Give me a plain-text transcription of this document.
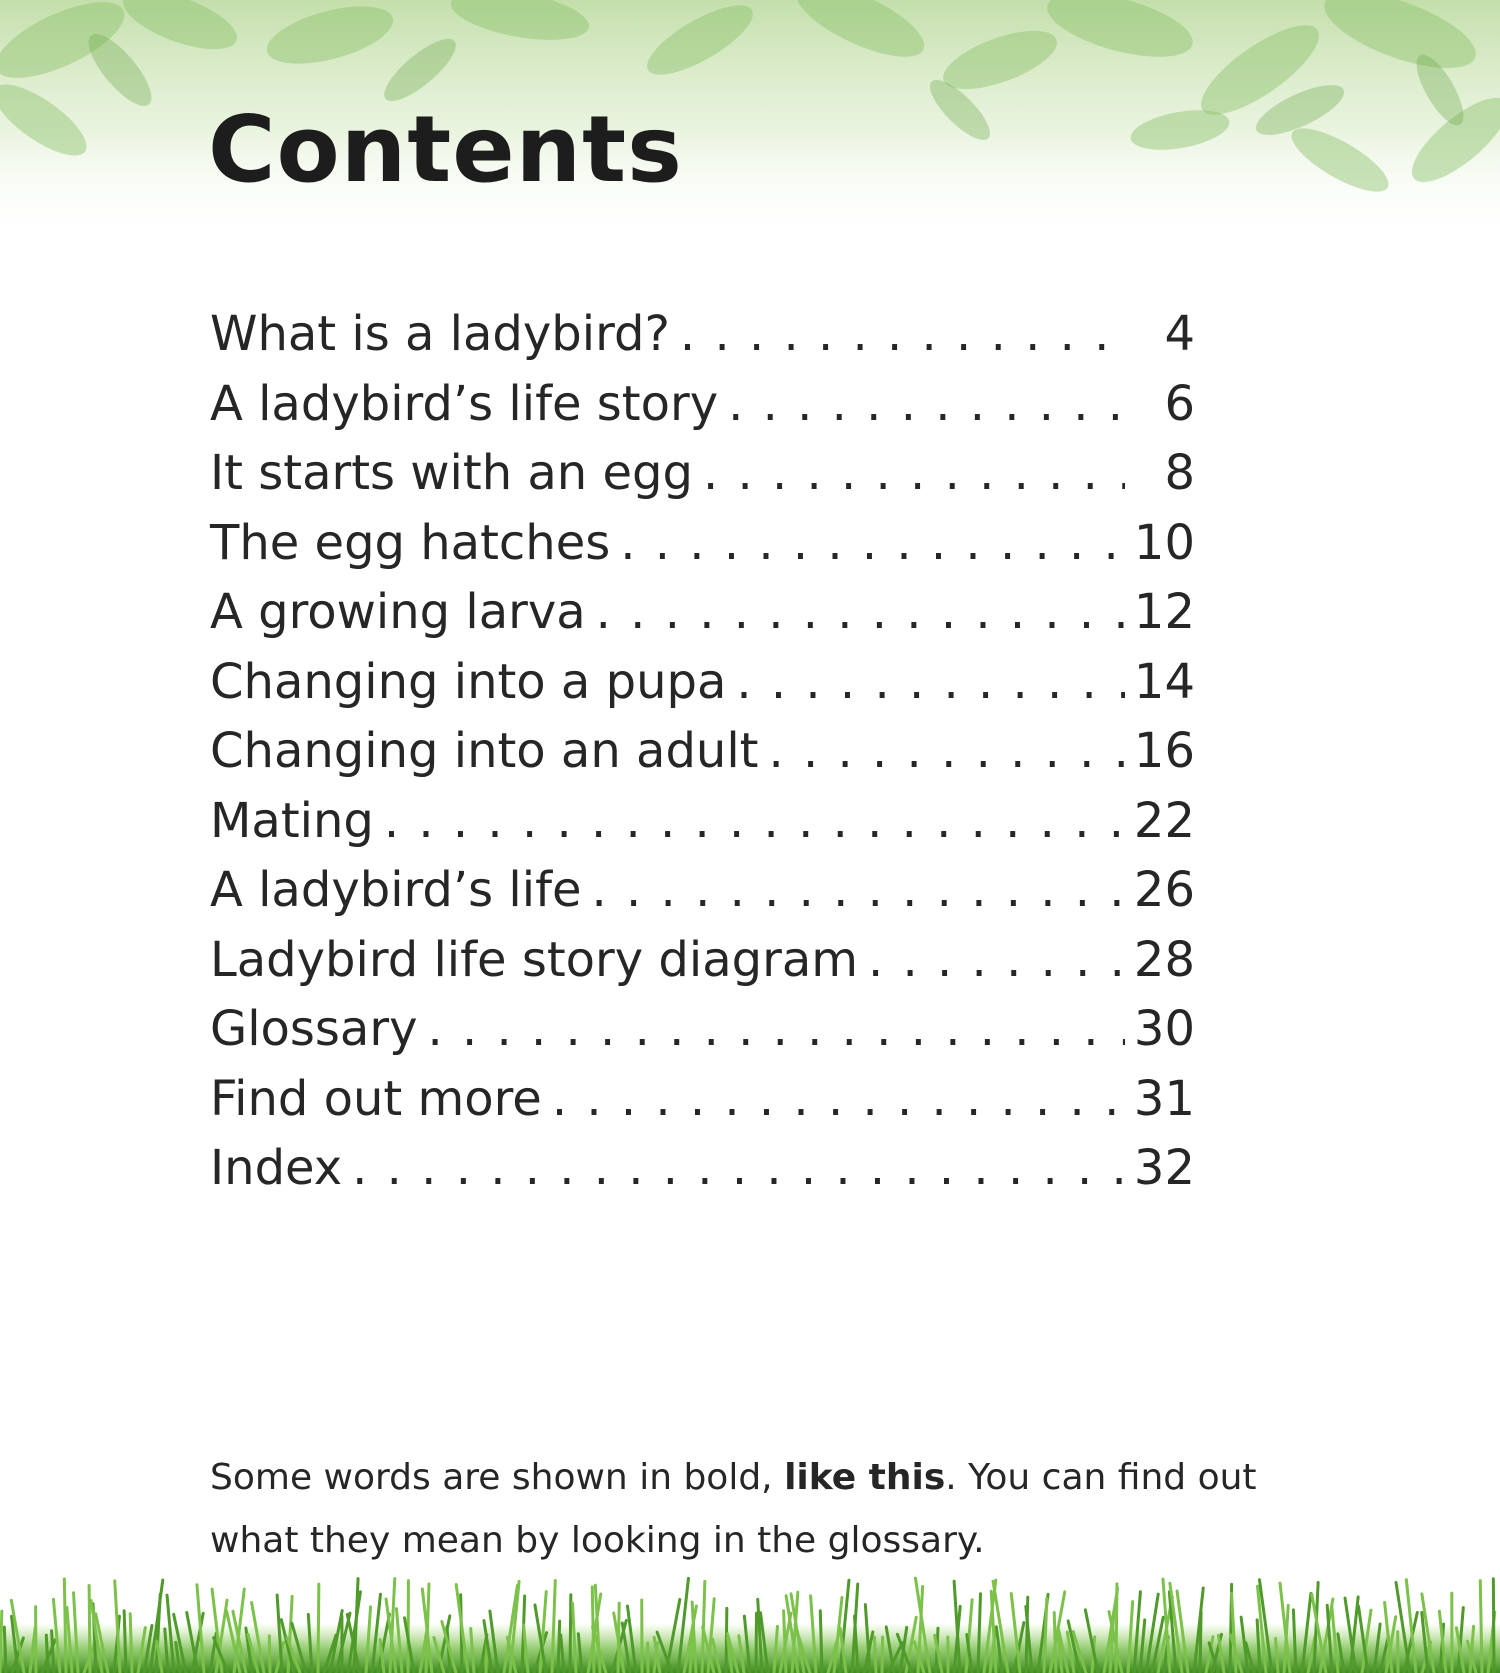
Contents
What is a ladybird? . . .	4
A ladybird’s life story . . .	6
It starts with an egg . . .	8
The egg hatches . . .	10
A growing larva . . .	12
Changing into a pupa . . .	14
Changing into an adult . . .	16
Mating . . .	22
A ladybird’s life . . .	26
Ladybird life story diagram . . .	28
Glossary . . .	30
Find out more . . .	31
Index . . .	32

Some words are shown in bold, like this. You can find out what they mean by looking in the glossary.
